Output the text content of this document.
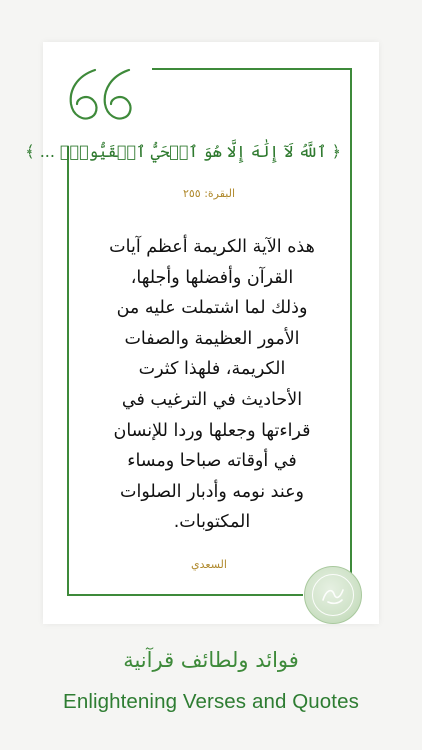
﴿ ٱللَّهُ لَآ إِلَٰهَ إِلَّا هُوَ ٱلۡحَيُّ ٱلۡقَيُّومُۚ ... ﴾
البقرة: ٢٥٥
هذه الآية الكريمة أعظم آيات
القرآن وأفضلها وأجلها،
وذلك لما اشتملت عليه من
الأمور العظيمة والصفات
الكريمة، فلهذا كثرت
الأحاديث في الترغيب في
قراءتها وجعلها وردا للإنسان
في أوقاته صباحا ومساء
وعند نومه وأدبار الصلوات
المكتوبات.
السعدي
فوائد ولطائف قرآنية
Enlightening Verses and Quotes
